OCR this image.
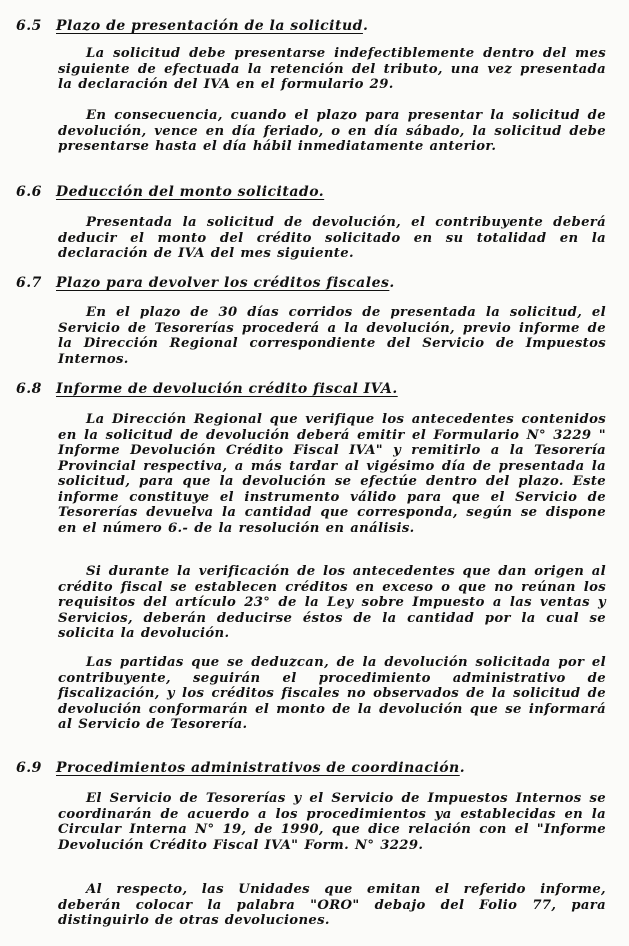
6.5 Plazo de presentación de la solicitud.

La solicitud debe presentarse indefectiblemente dentro del mes siguiente de efectuada la retención del tributo, una vez presentada la declaración del IVA en el formulario 29.

En consecuencia, cuando el plazo para presentar la solicitud de devolución, vence en día feriado, o en día sábado, la solicitud debe presentarse hasta el día hábil inmediatamente anterior.

6.6 Deducción del monto solicitado.

Presentada la solicitud de devolución, el contribuyente deberá deducir el monto del crédito solicitado en su totalidad en la declaración de IVA del mes siguiente.

6.7 Plazo para devolver los créditos fiscales.

En el plazo de 30 días corridos de presentada la solicitud, el Servicio de Tesorerías procederá a la devolución, previo informe de la Dirección Regional correspondiente del Servicio de Impuestos Internos.

6.8 Informe de devolución crédito fiscal IVA.

La Dirección Regional que verifique los antecedentes contenidos en la solicitud de devolución deberá emitir el Formulario N° 3229 " Informe Devolución Crédito Fiscal IVA" y remitirlo a la Tesorería Provincial respectiva, a más tardar al vigésimo día de presentada la solicitud, para que la devolución se efectúe dentro del plazo. Este informe constituye el instrumento válido para que el Servicio de Tesorerías devuelva la cantidad que corresponda, según se dispone en el número 6.- de la resolución en análisis.

Si durante la verificación de los antecedentes que dan origen al crédito fiscal se establecen créditos en exceso o que no reúnan los requisitos del artículo 23° de la Ley sobre Impuesto a las ventas y Servicios, deberán deducirse éstos de la cantidad por la cual se solicita la devolución.

Las partidas que se deduzcan, de la devolución solicitada por el contribuyente, seguirán el procedimiento administrativo de fiscalización, y los créditos fiscales no observados de la solicitud de devolución conformarán el monto de la devolución que se informará al Servicio de Tesorería.

6.9 Procedimientos administrativos de coordinación.

El Servicio de Tesorerías y el Servicio de Impuestos Internos se coordinarán de acuerdo a los procedimientos ya establecidas en la Circular Interna N° 19, de 1990, que dice relación con el "Informe Devolución Crédito Fiscal IVA" Form. N° 3229.

Al respecto, las Unidades que emitan el referido informe, deberán colocar la palabra "ORO" debajo del Folio 77, para distinguirlo de otras devoluciones.
